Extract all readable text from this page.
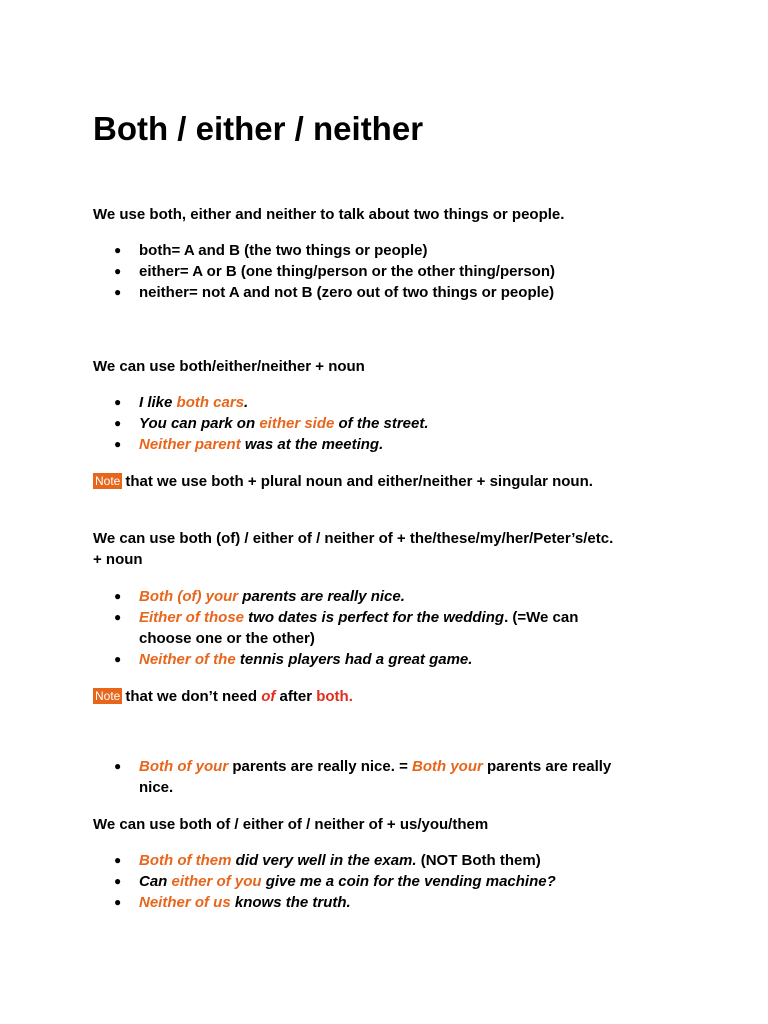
Both / either / neither

We use both, either and neither to talk about two things or people.

● both= A and B (the two things or people)
● either= A or B (one thing/person or the other thing/person)
● neither= not A and not B (zero out of two things or people)

We can use both/either/neither + noun

● I like both cars.
● You can park on either side of the street.
● Neither parent was at the meeting.

Note that we use both + plural noun and either/neither + singular noun.

We can use both (of) / either of / neither of + the/these/my/her/Peter’s/etc.

+ noun

● Both (of) your parents are really nice.
● Either of those two dates is perfect for the wedding. (=We can
choose one or the other)
● Neither of the tennis players had a great game.

Note that we don’t need of after both.

● Both of your parents are really nice. = Both your parents are really
nice.

We can use both of / either of / neither of + us/you/them

● Both of them did very well in the exam. (NOT Both them)
● Can either of you give me a coin for the vending machine?
● Neither of us knows the truth.
